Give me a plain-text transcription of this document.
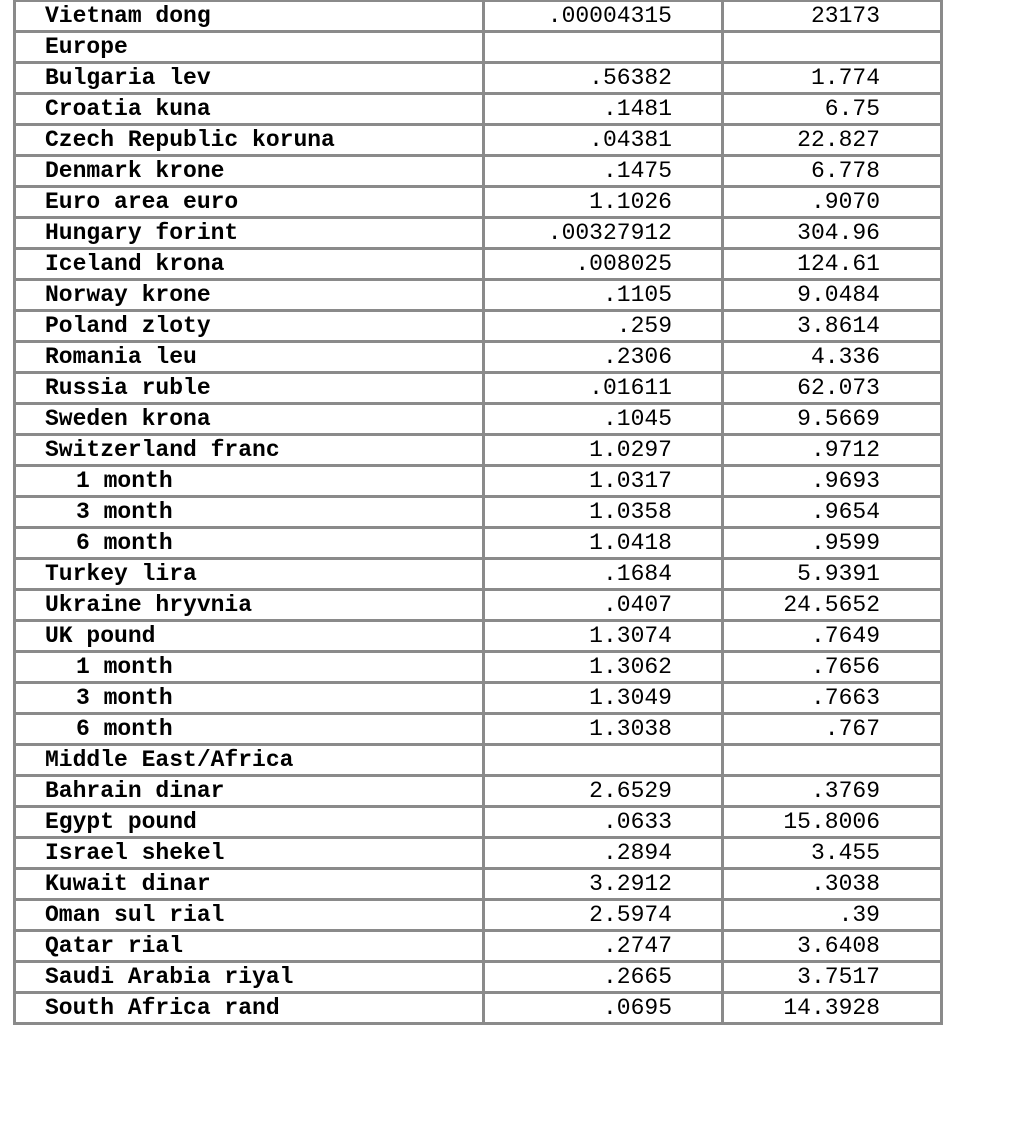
Vietnam dong	.00004315	23173
Europe		
Bulgaria lev	.56382	1.774
Croatia kuna	.1481	6.75
Czech Republic koruna	.04381	22.827
Denmark krone	.1475	6.778
Euro area euro	1.1026	.9070
Hungary forint	.00327912	304.96
Iceland krona	.008025	124.61
Norway krone	.1105	9.0484
Poland zloty	.259	3.8614
Romania leu	.2306	4.336
Russia ruble	.01611	62.073
Sweden krona	.1045	9.5669
Switzerland franc	1.0297	.9712
1 month	1.0317	.9693
3 month	1.0358	.9654
6 month	1.0418	.9599
Turkey lira	.1684	5.9391
Ukraine hryvnia	.0407	24.5652
UK pound	1.3074	.7649
1 month	1.3062	.7656
3 month	1.3049	.7663
6 month	1.3038	.767
Middle East/Africa		
Bahrain dinar	2.6529	.3769
Egypt pound	.0633	15.8006
Israel shekel	.2894	3.455
Kuwait dinar	3.2912	.3038
Oman sul rial	2.5974	.39
Qatar rial	.2747	3.6408
Saudi Arabia riyal	.2665	3.7517
South Africa rand	.0695	14.3928
